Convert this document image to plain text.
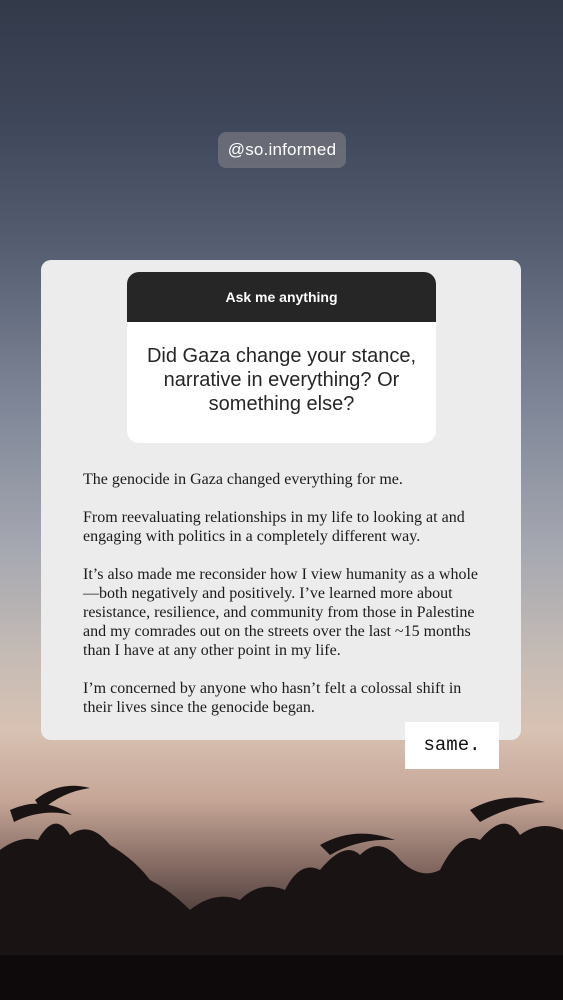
@so.informed
Ask me anything
Did Gaza change your stance, narrative in everything? Or something else?

The genocide in Gaza changed everything for me.

From reevaluating relationships in my life to looking at and engaging with politics in a completely different way.

It’s also made me reconsider how I view humanity as a whole—both negatively and positively. I’ve learned more about resistance, resilience, and community from those in Palestine and my comrades out on the streets over the last ~15 months than I have at any other point in my life.

I’m concerned by anyone who hasn’t felt a colossal shift in their lives since the genocide began.

same.
